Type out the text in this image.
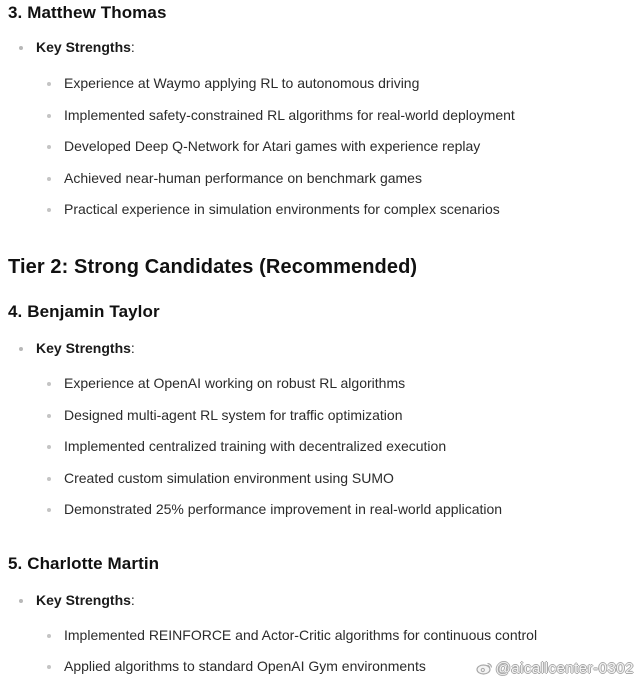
3. Matthew Thomas
Key Strengths:
Experience at Waymo applying RL to autonomous driving
Implemented safety-constrained RL algorithms for real-world deployment
Developed Deep Q-Network for Atari games with experience replay
Achieved near-human performance on benchmark games
Practical experience in simulation environments for complex scenarios
Tier 2: Strong Candidates (Recommended)
4. Benjamin Taylor
Key Strengths:
Experience at OpenAI working on robust RL algorithms
Designed multi-agent RL system for traffic optimization
Implemented centralized training with decentralized execution
Created custom simulation environment using SUMO
Demonstrated 25% performance improvement in real-world application
5. Charlotte Martin
Key Strengths:
Implemented REINFORCE and Actor-Critic algorithms for continuous control
Applied algorithms to standard OpenAI Gym environments	@aicallcenter-0302
